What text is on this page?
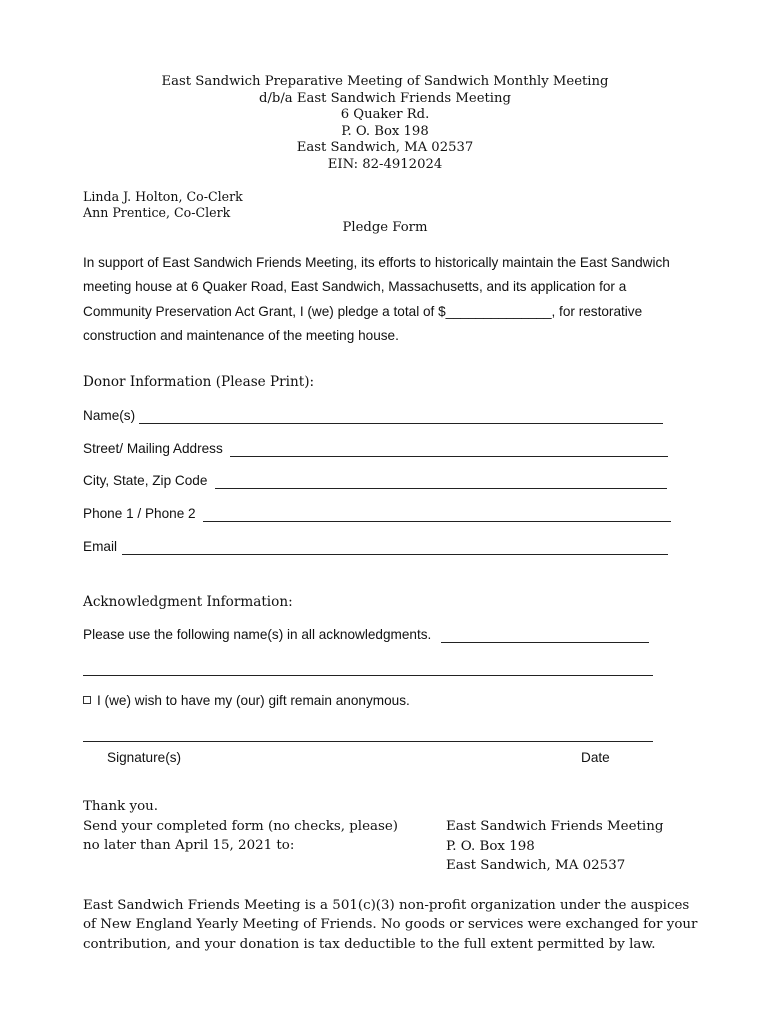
East Sandwich Preparative Meeting of Sandwich Monthly Meeting
d/b/a East Sandwich Friends Meeting
6 Quaker Rd.
P. O. Box 198
East Sandwich, MA 02537
EIN: 82-4912024
Linda J. Holton, Co-Clerk
Ann Prentice, Co-Clerk
Pledge Form
In support of East Sandwich Friends Meeting, its efforts to historically maintain the East Sandwich
meeting house at 6 Quaker Road, East Sandwich, Massachusetts, and its application for a
Community Preservation Act Grant, I (we) pledge a total of $______________, for restorative
construction and maintenance of the meeting house.
Donor Information (Please Print):
Name(s)
Street/ Mailing Address
City, State, Zip Code
Phone 1 / Phone 2
Email
Acknowledgment Information:
Please use the following name(s) in all acknowledgments.
I (we) wish to have my (our) gift remain anonymous.
Signature(s)	Date
Thank you.
Send your completed form (no checks, please)
no later than April 15, 2021 to:
East Sandwich Friends Meeting
P. O. Box 198
East Sandwich, MA 02537
East Sandwich Friends Meeting is a 501(c)(3) non-profit organization under the auspices
of New England Yearly Meeting of Friends. No goods or services were exchanged for your
contribution, and your donation is tax deductible to the full extent permitted by law.
